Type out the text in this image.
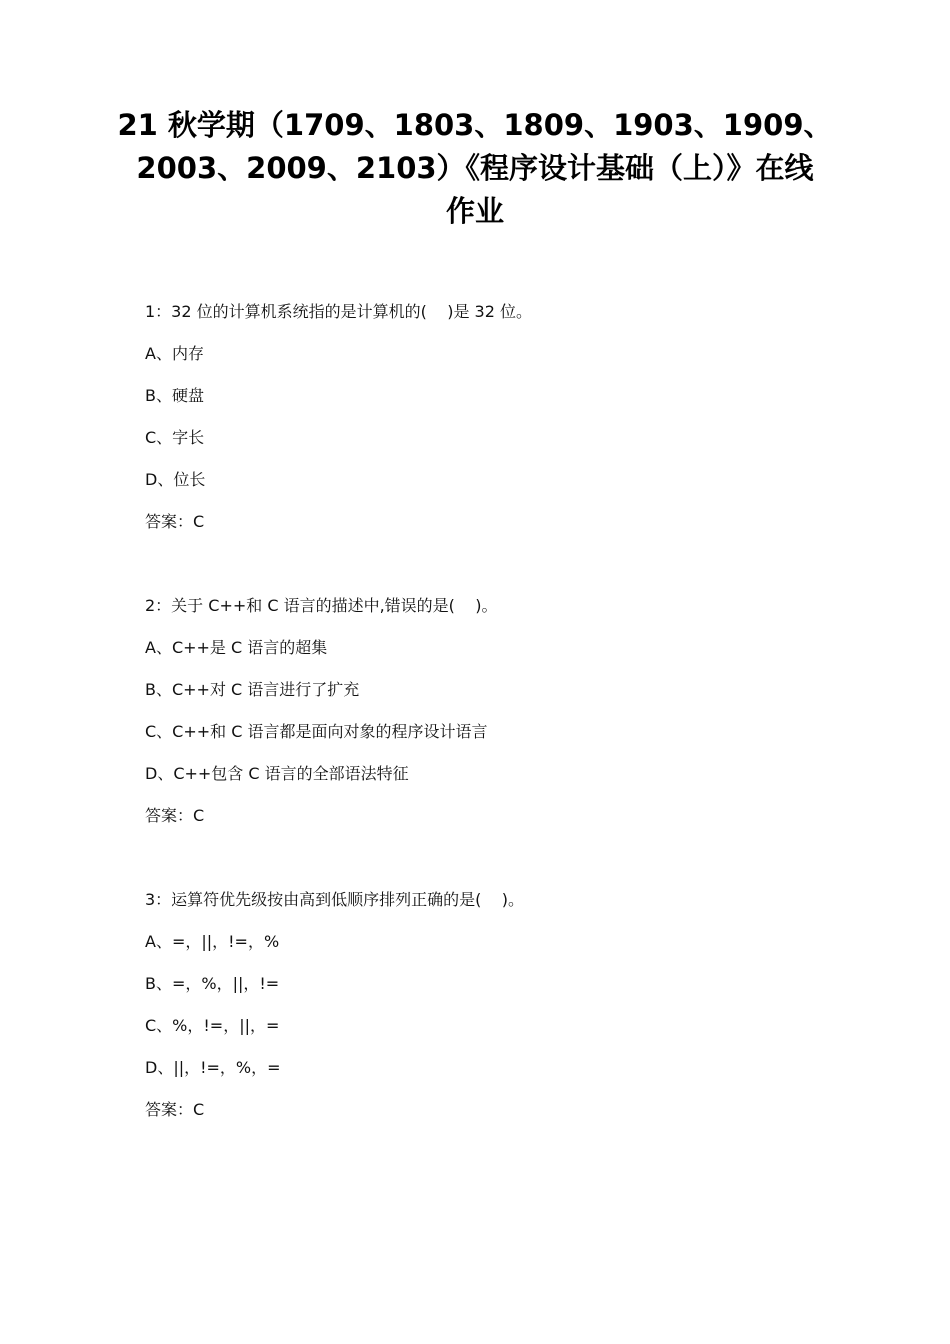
21 秋学期（1709、1803、1809、1903、1909、
2003、2009、2103）《程序设计基础（上）》在线
作业
1：32 位的计算机系统指的是计算机的(    )是 32 位。
A、内存
B、硬盘
C、字长
D、位长
答案：C
2：关于 C++和 C 语言的描述中,错误的是(    )。
A、C++是 C 语言的超集
B、C++对 C 语言进行了扩充
C、C++和 C 语言都是面向对象的程序设计语言
D、C++包含 C 语言的全部语法特征
答案：C
3：运算符优先级按由高到低顺序排列正确的是(    )。
A、=，||，!=，%
B、=，%，||，!=
C、%，!=，||，=
D、||，!=，%，=
答案：C
